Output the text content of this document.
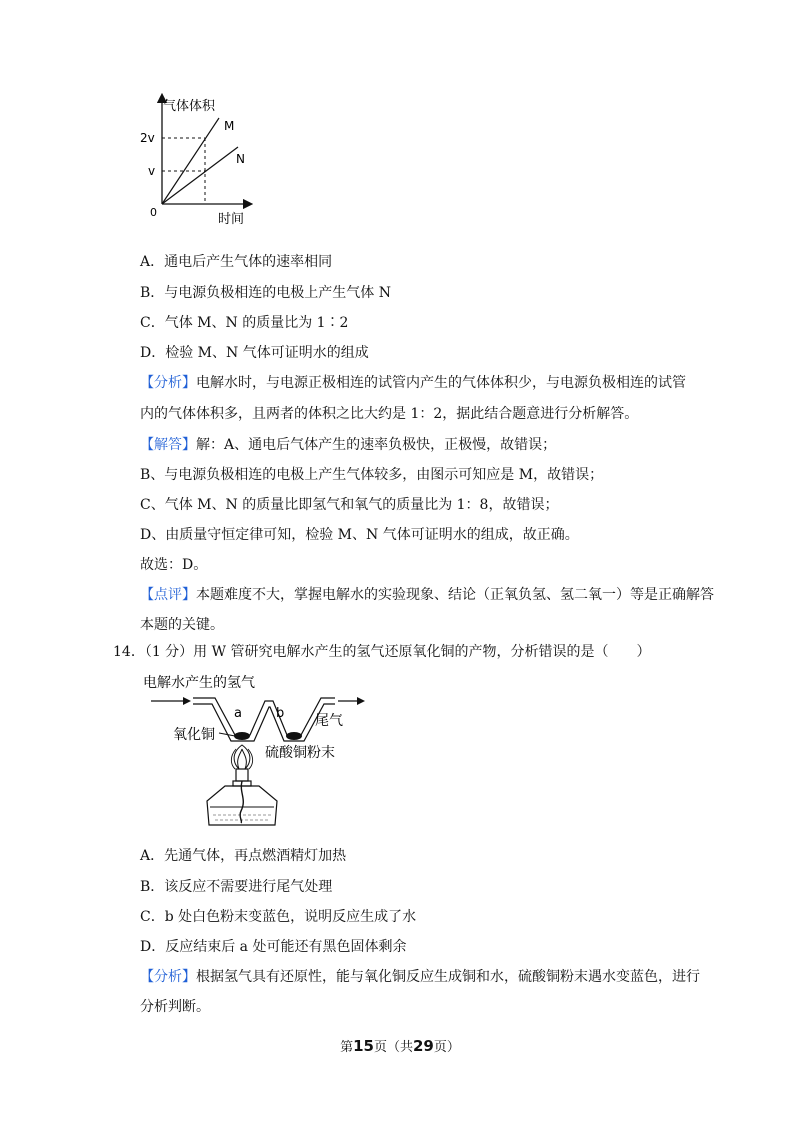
气体体积
时间
2v
v
0
M
N
A．通电后产生气体的速率相同
B．与电源负极相连的电极上产生气体 N
C．气体 M、N 的质量比为 1∶2
D．检验 M、N 气体可证明水的组成
【分析】电解水时，与电源正极相连的试管内产生的气体体积少，与电源负极相连的试管
内的气体体积多，且两者的体积之比大约是 1：2，据此结合题意进行分析解答。
【解答】解：A、通电后气体产生的速率负极快，正极慢，故错误；
B、与电源负极相连的电极上产生气体较多，由图示可知应是 M，故错误；
C、气体 M、N 的质量比即氢气和氧气的质量比为 1：8，故错误；
D、由质量守恒定律可知，检验 M、N 气体可证明水的组成，故正确。
故选：D。
【点评】本题难度不大，掌握电解水的实验现象、结论（正氧负氢、氢二氧一）等是正确解答
本题的关键。
14．（1 分）用 W 管研究电解水产生的氢气还原氧化铜的产物，分析错误的是（　　）
电解水产生的氢气
尾气
a	b
氧化铜
硫酸铜粉末
A．先通气体，再点燃酒精灯加热
B．该反应不需要进行尾气处理
C．b 处白色粉末变蓝色，说明反应生成了水
D．反应结束后 a 处可能还有黑色固体剩余
【分析】根据氢气具有还原性，能与氧化铜反应生成铜和水，硫酸铜粉末遇水变蓝色，进行
分析判断。
第15页（共29页）
